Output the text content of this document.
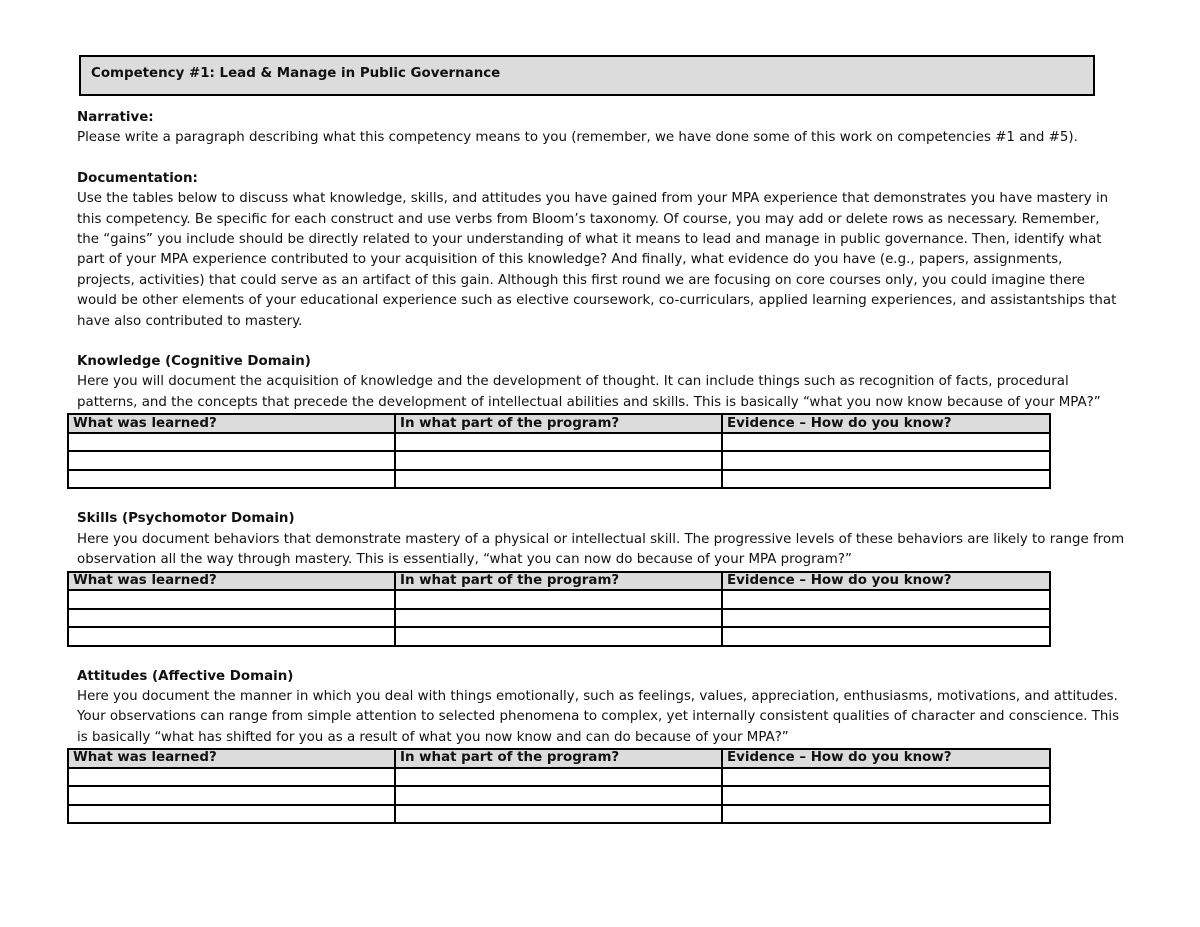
Competency #1: Lead & Manage in Public Governance
Narrative:
Please write a paragraph describing what this competency means to you (remember, we have done some of this work on competencies #1 and #5).
Documentation:
Use the tables below to discuss what knowledge, skills, and attitudes you have gained from your MPA experience that demonstrates you have mastery in
this competency. Be specific for each construct and use verbs from Bloom’s taxonomy. Of course, you may add or delete rows as necessary. Remember,
the “gains” you include should be directly related to your understanding of what it means to lead and manage in public governance. Then, identify what
part of your MPA experience contributed to your acquisition of this knowledge? And finally, what evidence do you have (e.g., papers, assignments,
projects, activities) that could serve as an artifact of this gain. Although this first round we are focusing on core courses only, you could imagine there
would be other elements of your educational experience such as elective coursework, co-curriculars, applied learning experiences, and assistantships that
have also contributed to mastery.
Knowledge (Cognitive Domain)
Here you will document the acquisition of knowledge and the development of thought. It can include things such as recognition of facts, procedural
patterns, and the concepts that precede the development of intellectual abilities and skills. This is basically “what you now know because of your MPA?”
What was learned?	In what part of the program?	Evidence – How do you know?

Skills (Psychomotor Domain)
Here you document behaviors that demonstrate mastery of a physical or intellectual skill. The progressive levels of these behaviors are likely to range from
observation all the way through mastery. This is essentially, “what you can now do because of your MPA program?”
What was learned?	In what part of the program?	Evidence – How do you know?

Attitudes (Affective Domain)
Here you document the manner in which you deal with things emotionally, such as feelings, values, appreciation, enthusiasms, motivations, and attitudes.
Your observations can range from simple attention to selected phenomena to complex, yet internally consistent qualities of character and conscience. This
is basically “what has shifted for you as a result of what you now know and can do because of your MPA?”
What was learned?	In what part of the program?	Evidence – How do you know?
